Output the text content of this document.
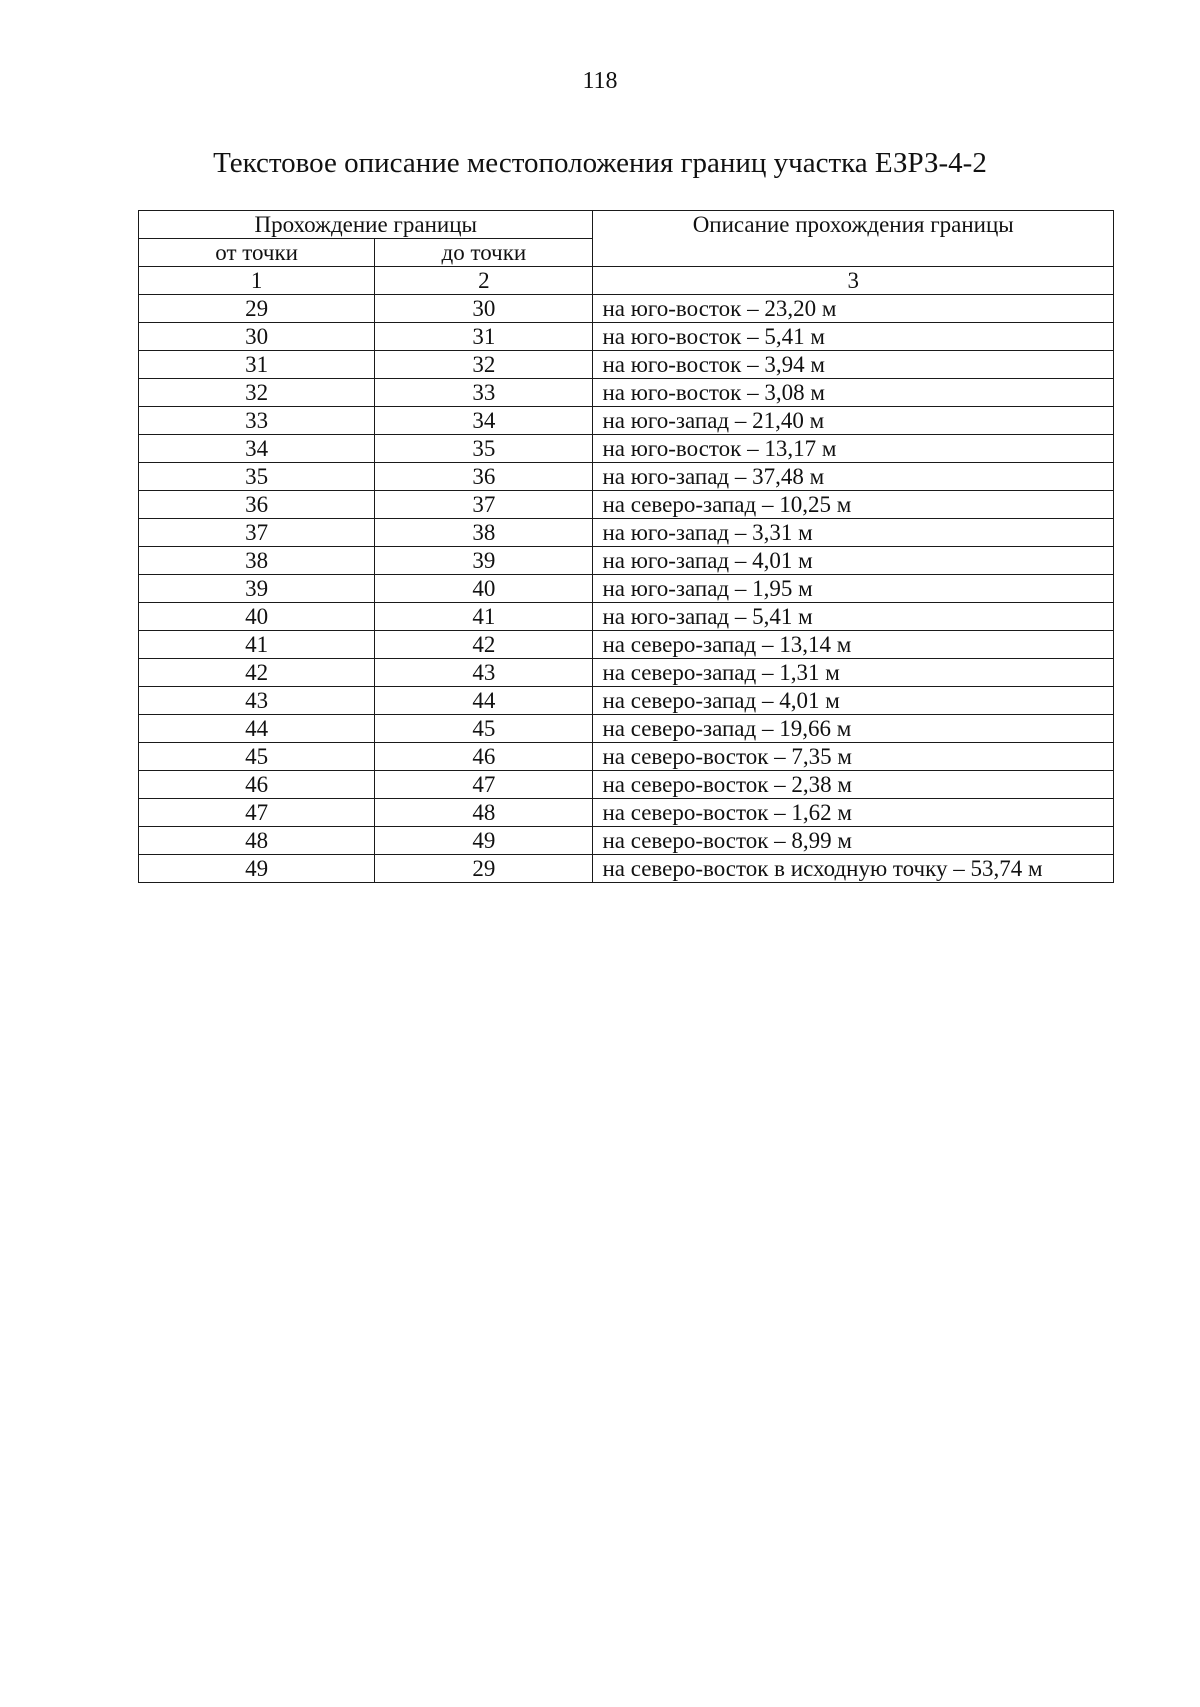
118
Текстовое описание местоположения границ участка ЕЗРЗ-4-2
Прохождение границы		Описание прохождения границы
от точки	до точки	
1	2	3
29	30	на юго-восток – 23,20 м
30	31	на юго-восток – 5,41 м
31	32	на юго-восток – 3,94 м
32	33	на юго-восток – 3,08 м
33	34	на юго-запад – 21,40 м
34	35	на юго-восток – 13,17 м
35	36	на юго-запад – 37,48 м
36	37	на северо-запад – 10,25 м
37	38	на юго-запад – 3,31 м
38	39	на юго-запад – 4,01 м
39	40	на юго-запад – 1,95 м
40	41	на юго-запад – 5,41 м
41	42	на северо-запад – 13,14 м
42	43	на северо-запад – 1,31 м
43	44	на северо-запад – 4,01 м
44	45	на северо-запад – 19,66 м
45	46	на северо-восток – 7,35 м
46	47	на северо-восток – 2,38 м
47	48	на северо-восток – 1,62 м
48	49	на северо-восток – 8,99 м
49	29	на северо-восток в исходную точку – 53,74 м
